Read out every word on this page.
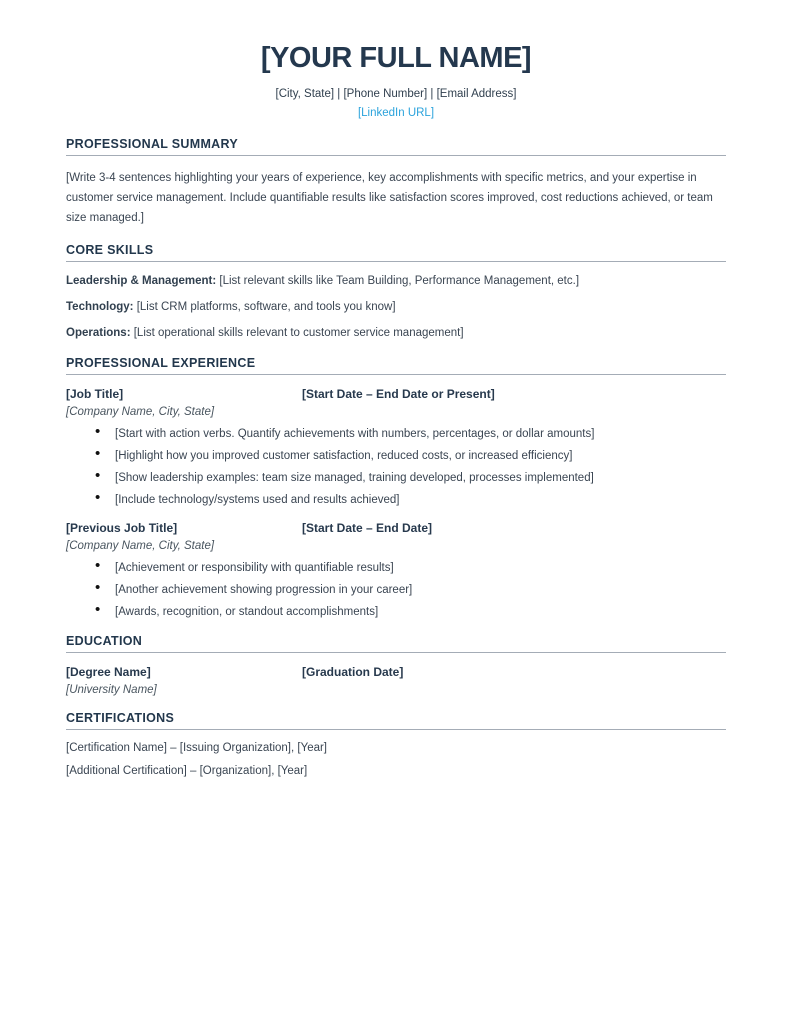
[YOUR FULL NAME]
[City, State] | [Phone Number] | [Email Address]
[LinkedIn URL]
PROFESSIONAL SUMMARY

[Write 3-4 sentences highlighting your years of experience, key accomplishments with specific metrics, and your expertise in customer service management. Include quantifiable results like satisfaction scores improved, cost reductions achieved, or team size managed.]

CORE SKILLS

Leadership & Management: [List relevant skills like Team Building, Performance Management, etc.]

Technology: [List CRM platforms, software, and tools you know]

Operations: [List operational skills relevant to customer service management]

PROFESSIONAL EXPERIENCE
[Job Title]	[Start Date – End Date or Present]
[Company Name, City, State]
• [Start with action verbs. Quantify achievements with numbers, percentages, or dollar amounts]
• [Highlight how you improved customer satisfaction, reduced costs, or increased efficiency]
• [Show leadership examples: team size managed, training developed, processes implemented]
• [Include technology/systems used and results achieved]
[Previous Job Title]	[Start Date – End Date]
[Company Name, City, State]
• [Achievement or responsibility with quantifiable results]
• [Another achievement showing progression in your career]
• [Awards, recognition, or standout accomplishments]
EDUCATION
[Degree Name]	[Graduation Date]
[University Name]
CERTIFICATIONS

[Certification Name] – [Issuing Organization], [Year]

[Additional Certification] – [Organization], [Year]
